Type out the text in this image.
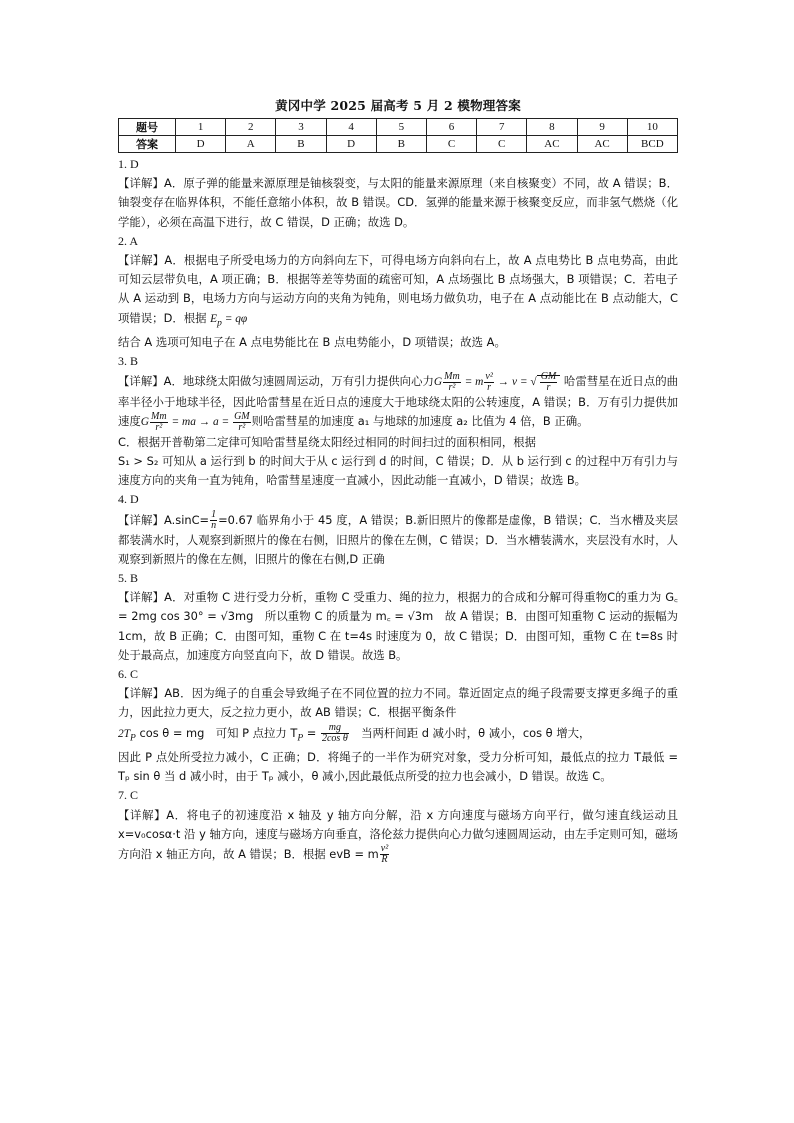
黄冈中学 2025 届高考 5 月 2 模物理答案
题号	1	2	3	4	5	6	7	8	9	10
答案	D	A	B	D	B	C	C	AC	AC	BCD

1. D

【详解】A．原子弹的能量来源原理是铀核裂变，与太阳的能量来源原理（来自核聚变）不同，故 A 错误；B．铀裂变存在临界体积，不能任意缩小体积，故 B 错误。CD．氢弹的能量来源于核聚变反应，而非氢气燃烧（化学能），必须在高温下进行，故 C 错误，D 正确；故选 D。

2. A

【详解】A．根据电子所受电场力的方向斜向左下，可得电场方向斜向右上，故 A 点电势比 B 点电势高，由此可知云层带负电，A 项正确；B．根据等差等势面的疏密可知，A 点场强比 B 点场强大，B 项错误；C．若电子从 A 运动到 B，电场力方向与运动方向的夹角为钝角，则电场力做负功，电子在 A 点动能比在 B 点动能大，C 项错误；D．根据 $E_p = q\varphi$
结合 A 选项可知电子在 A 点电势能比在 B 点电势能小，D 项错误；故选 A。

3. B

【详解】A．地球绕太阳做匀速圆周运动，万有引力提供向心力G $\frac{Mm}{\text{r²}} = m \frac{\text{v²}}{r} \to v$ = √ $\frac{GM}{r}$ 哈雷彗星在近日点的曲率半径小于地球半径，因此哈雷彗星在近日点的速度大于地球绕太阳的公转速度，A 错误；B．万有引力提供加速度G $\frac{Mm}{\text{r²}}$ = ma → $a = \frac{GM}{\text{r²}}$ 则哈雷彗星的加速度 a₁ 与地球的加速度 a₂ 比值为 4 倍，B 正确。

C．根据开普勒第二定律可知哈雷彗星绕太阳经过相同的时间扫过的面积相同，根据

S₁ > S₂ 可知从 a 运行到 b 的时间大于从 c 运行到 d 的时间，C 错误；D．从 b 运行到 c 的过程中万有引力与速度方向的夹角一直为钝角，哈雷彗星速度一直减小，因此动能一直减小，D 错误；故选 B。

4. D

【详解】$A.\sin C= \frac{1}{n} =0.67$ 临界角小于 45 度，A 错误；B.新旧照片的像都是虚像，B 错误；C．当水槽及夹层都装满水时，人观察到新照片的像在右侧，旧照片的像在左侧，C 错误；D．当水槽装满水，夹层没有水时，人观察到新照片的像在左侧，旧照片的像在右侧,D 正确

5. B

【详解】A．对重物 C 进行受力分析，重物 C 受重力、绳的拉力，根据力的合成和分解可得重物C的重力为 G꜀ = 2mg cos 30° = √3mg　所以重物 C 的质量为 m꜀ = √3m　故 A 错误；B．由图可知重物 C 运动的振幅为 1cm，故 B 正确；C．由图可知，重物 C 在 t=4s 时速度为 0，故 C 错误；D．由图可知，重物 C 在 t=8s 时处于最高点，加速度方向竖直向下，故 D 错误。故选 B。

6. C

【详解】AB．因为绳子的自重会导致绳子在不同位置的拉力不同。靠近固定点的绳子段需要支撑更多绳子的重力，因此拉力更大，反之拉力更小，故 AB 错误；C．根据平衡条件

$2T_P$ cos θ = mg　可知 P 点拉力 $T_P = \frac{mg}{\text{2cos θ}}$ 　当两杆间距 d 减小时，θ 减小，cos θ 增大，

因此 P 点处所受拉力减小，C 正确；D．将绳子的一半作为研究对象，受力分析可知，最低点的拉力 T最低 = Tₚ sin θ 当 d 减小时，由于 Tₚ 减小，θ 减小,因此最低点所受的拉力也会减小，D 错误。故选 C。

7. C

【详解】A．将电子的初速度沿 x 轴及 y 轴方向分解，沿 x 方向速度与磁场方向平行，做匀速直线运动且 x=v₀cosα·t 沿 y 轴方向，速度与磁场方向垂直，洛伦兹力提供向心力做匀速圆周运动，由左手定则可知，磁场方向沿 x 轴正方向，故 A 错误；B．根据 evB = m $\frac{\text{v²}}{R}$
